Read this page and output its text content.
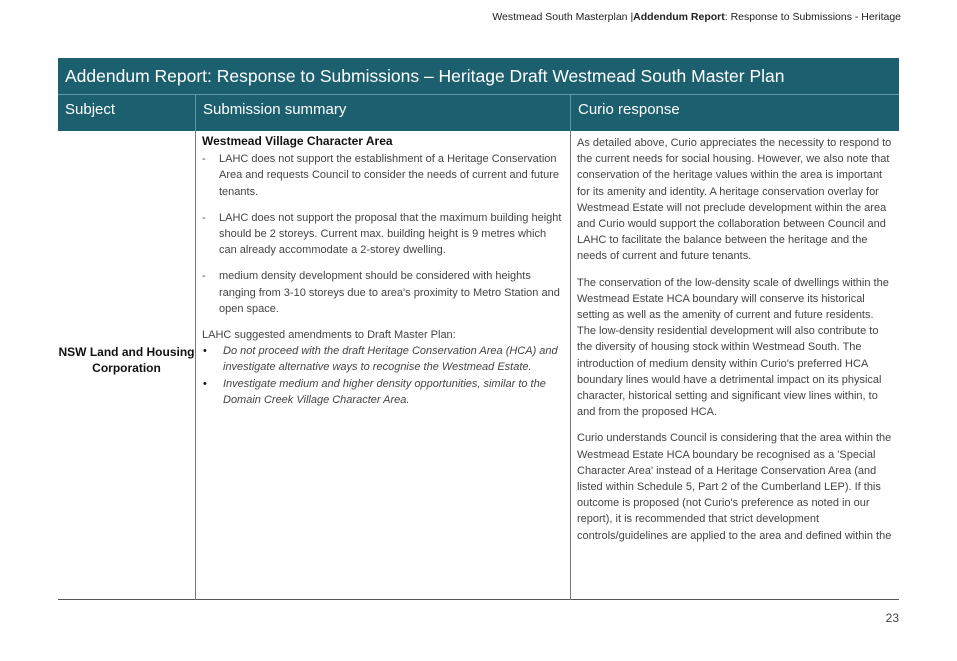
Westmead South Masterplan |Addendum Report: Response to Submissions - Heritage
Addendum Report: Response to Submissions – Heritage Draft Westmead South Master Plan
Subject	Submission summary	Curio response
NSW Land and Housing Corporation

Westmead Village Character Area

- LAHC does not support the establishment of a Heritage Conservation Area and requests Council to consider the needs of current and future tenants.
- LAHC does not support the proposal that the maximum building height should be 2 storeys. Current max. building height is 9 metres which can already accommodate a 2-storey dwelling.
- medium density development should be considered with heights ranging from 3-10 storeys due to area's proximity to Metro Station and open space.

LAHC suggested amendments to Draft Master Plan:

• Do not proceed with the draft Heritage Conservation Area (HCA) and investigate alternative ways to recognise the Westmead Estate.

• Investigate medium and higher density opportunities, similar to the Domain Creek Village Character Area.

As detailed above, Curio appreciates the necessity to respond to the current needs for social housing. However, we also note that conservation of the heritage values within the area is important for its amenity and identity. A heritage conservation overlay for Westmead Estate will not preclude development within the area and Curio would support the collaboration between Council and LAHC to facilitate the balance between the heritage and the needs of current and future tenants.

The conservation of the low-density scale of dwellings within the Westmead Estate HCA boundary will conserve its historical setting as well as the amenity of current and future residents. The low-density residential development will also contribute to the diversity of housing stock within Westmead South. The introduction of medium density within Curio's preferred HCA boundary lines would have a detrimental impact on its physical character, historical setting and significant view lines within, to and from the proposed HCA.

Curio understands Council is considering that the area within the Westmead Estate HCA boundary be recognised as a 'Special Character Area' instead of a Heritage Conservation Area (and listed within Schedule 5, Part 2 of the Cumberland LEP). If this outcome is proposed (not Curio's preference as noted in our report), it is recommended that strict development controls/guidelines are applied to the area and defined within the

23
